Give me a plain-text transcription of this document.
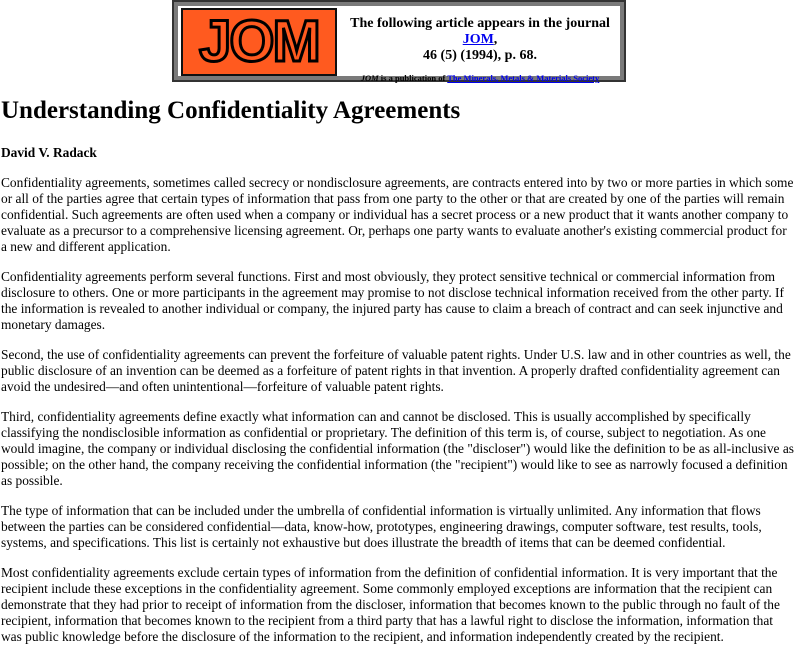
JOM	The following article appears in the journal JOM,
46 (5) (1994), p. 68.
JOM is a publication of The Minerals, Metals & Materials Society
Understanding Confidentiality Agreements
David V. Radack

Confidentiality agreements, sometimes called secrecy or nondisclosure agreements, are contracts entered into by two or more parties in which some or all of the parties agree that certain types of information that pass from one party to the other or that are created by one of the parties will remain confidential. Such agreements are often used when a company or individual has a secret process or a new product that it wants another company to evaluate as a precursor to a comprehensive licensing agreement. Or, perhaps one party wants to evaluate another's existing commercial product for a new and different application.

Confidentiality agreements perform several functions. First and most obviously, they protect sensitive technical or commercial information from disclosure to others. One or more participants in the agreement may promise to not disclose technical information received from the other party. If the information is revealed to another individual or company, the injured party has cause to claim a breach of contract and can seek injunctive and monetary damages.

Second, the use of confidentiality agreements can prevent the forfeiture of valuable patent rights. Under U.S. law and in other countries as well, the public disclosure of an invention can be deemed as a forfeiture of patent rights in that invention. A properly drafted confidentiality agreement can avoid the undesired—and often unintentional—forfeiture of valuable patent rights.

Third, confidentiality agreements define exactly what information can and cannot be disclosed. This is usually accomplished by specifically classifying the nondisclosible information as confidential or proprietary. The definition of this term is, of course, subject to negotiation. As one would imagine, the company or individual disclosing the confidential information (the "discloser") would like the definition to be as all-inclusive as possible; on the other hand, the company receiving the confidential information (the "recipient") would like to see as narrowly focused a definition as possible.

The type of information that can be included under the umbrella of confidential information is virtually unlimited. Any information that flows between the parties can be considered confidential—data, know-how, prototypes, engineering drawings, computer software, test results, tools, systems, and specifications. This list is certainly not exhaustive but does illustrate the breadth of items that can be deemed confidential.

Most confidentiality agreements exclude certain types of information from the definition of confidential information. It is very important that the recipient include these exceptions in the confidentiality agreement. Some commonly employed exceptions are information that the recipient can demonstrate that they had prior to receipt of information from the discloser, information that becomes known to the public through no fault of the recipient, information that becomes known to the recipient from a third party that has a lawful right to disclose the information, information that was public knowledge before the disclosure of the information to the recipient, and information independently created by the recipient.
